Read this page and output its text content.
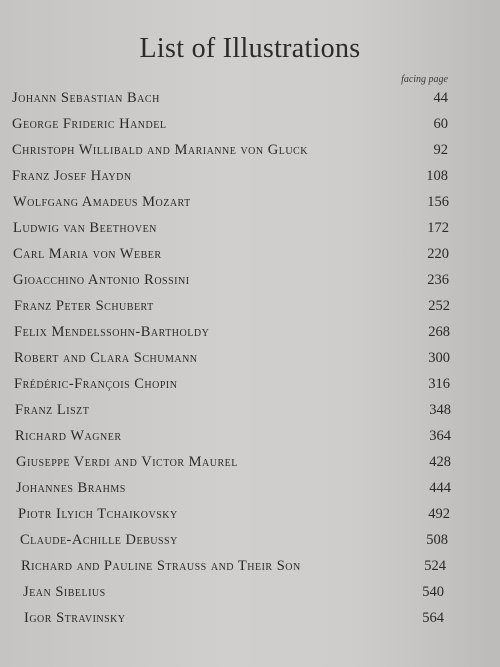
List of Illustrations
facing page
Johann Sebastian Bach	44
George Frideric Handel	60
Christoph Willibald and Marianne von Gluck	92
Franz Josef Haydn	108
Wolfgang Amadeus Mozart	156
Ludwig van Beethoven	172
Carl Maria von Weber	220
Gioacchino Antonio Rossini	236
Franz Peter Schubert	252
Felix Mendelssohn-Bartholdy	268
Robert and Clara Schumann	300
Frédéric-François Chopin	316
Franz Liszt	348
Richard Wagner	364
Giuseppe Verdi and Victor Maurel	428
Johannes Brahms	444
Piotr Ilyich Tchaikovsky	492
Claude-Achille Debussy	508
Richard and Pauline Strauss and Their Son	524
Jean Sibelius	540
Igor Stravinsky	564
